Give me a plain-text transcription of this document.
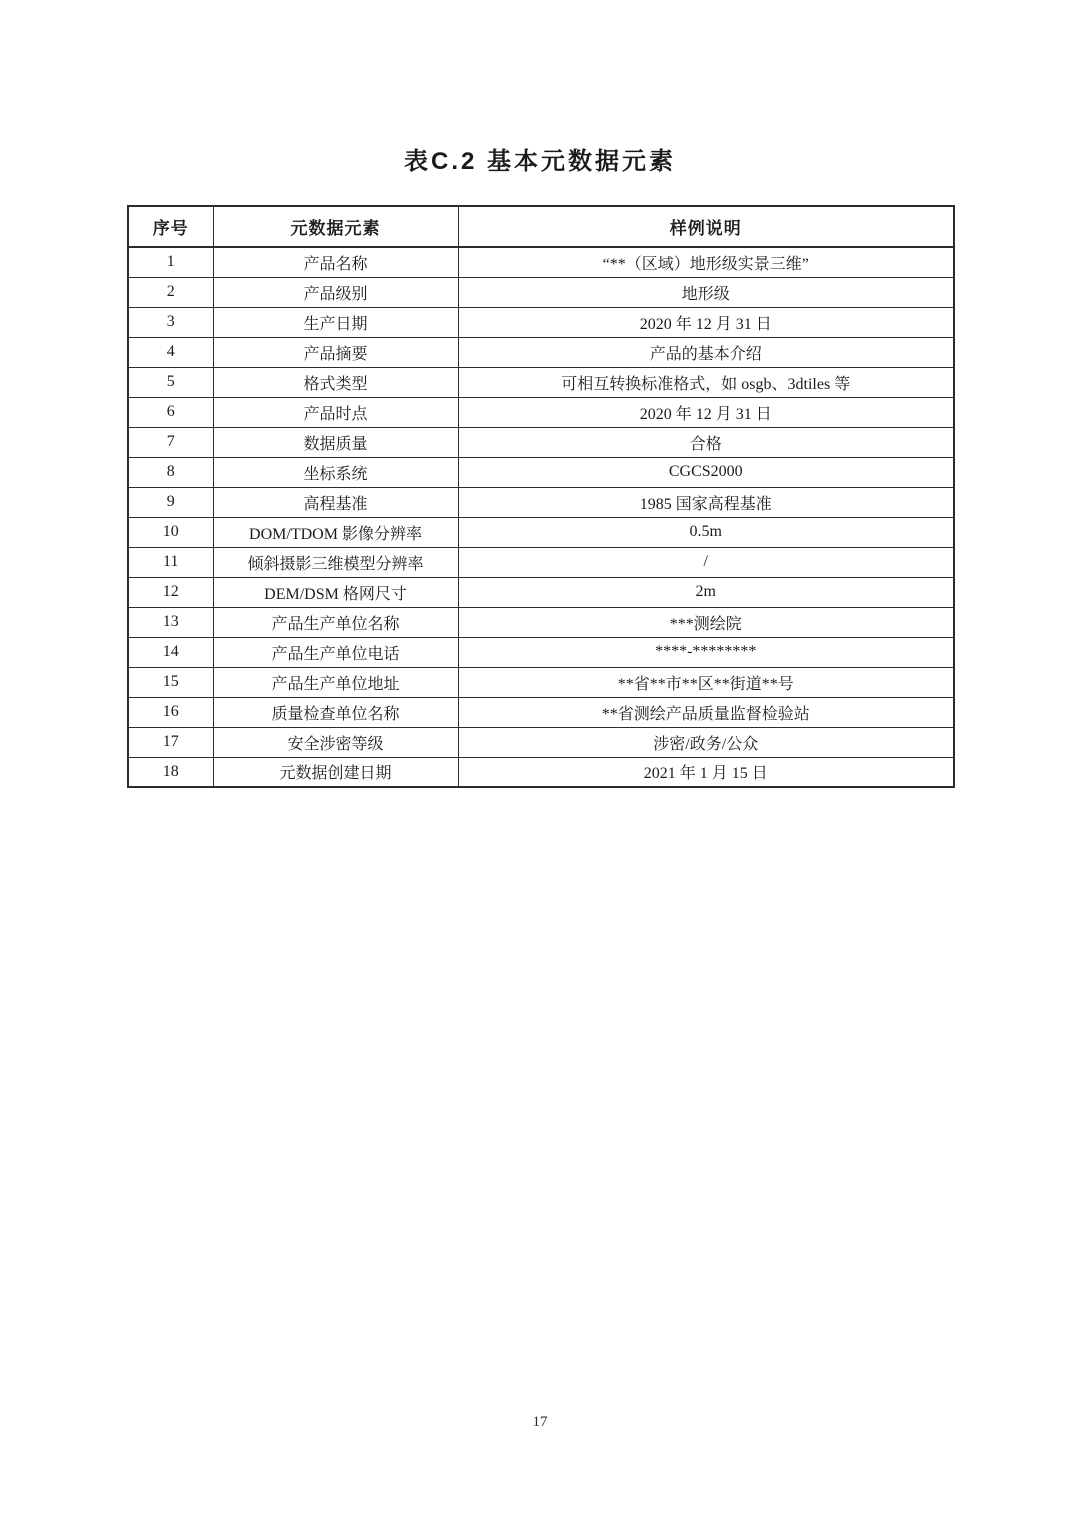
表C.2 基本元数据元素
序号	元数据元素	样例说明
1	产品名称	“**（区域）地形级实景三维”
2	产品级别	地形级
3	生产日期	2020 年 12 月 31 日
4	产品摘要	产品的基本介绍
5	格式类型	可相互转换标准格式，如 osgb、3dtiles 等
6	产品时点	2020 年 12 月 31 日
7	数据质量	合格
8	坐标系统	CGCS2000
9	高程基准	1985 国家高程基准
10	DOM/TDOM 影像分辨率	0.5m
11	倾斜摄影三维模型分辨率	/
12	DEM/DSM 格网尺寸	2m
13	产品生产单位名称	***测绘院
14	产品生产单位电话	****-********
15	产品生产单位地址	**省**市**区**街道**号
16	质量检查单位名称	**省测绘产品质量监督检验站
17	安全涉密等级	涉密/政务/公众
18	元数据创建日期	2021 年 1 月 15 日
17
